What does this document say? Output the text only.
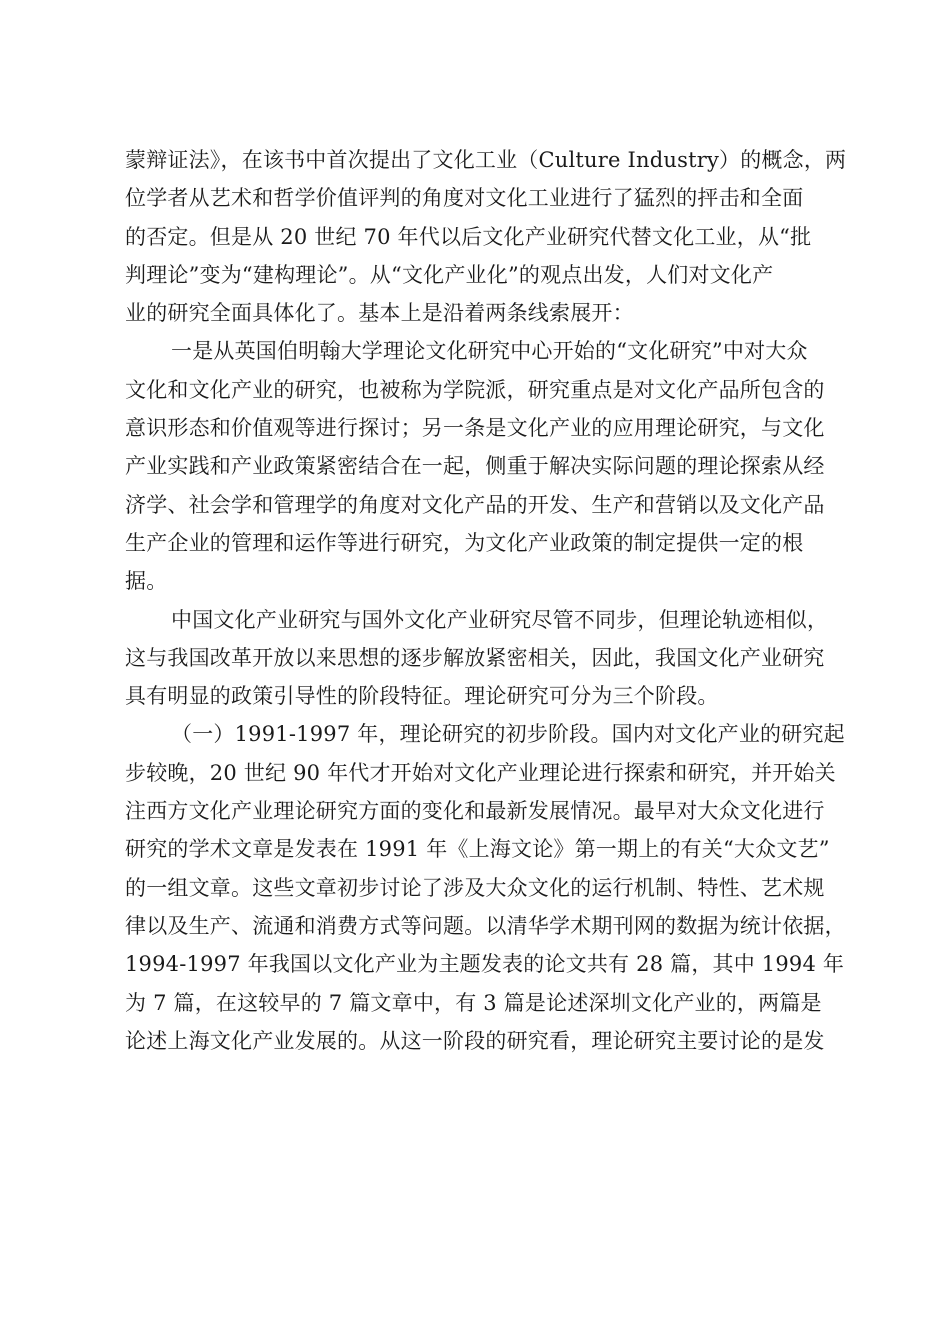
蒙辩证法》，在该书中首次提出了文化工业（Culture Industry）的概念，两
位学者从艺术和哲学价值评判的角度对文化工业进行了猛烈的抨击和全面
的否定。但是从 20 世纪 70 年代以后文化产业研究代替文化工业，从“批
判理论”变为“建构理论”。从“文化产业化”的观点出发，人们对文化产
业的研究全面具体化了。基本上是沿着两条线索展开：
一是从英国伯明翰大学理论文化研究中心开始的“文化研究”中对大众
文化和文化产业的研究，也被称为学院派，研究重点是对文化产品所包含的
意识形态和价值观等进行探讨；另一条是文化产业的应用理论研究，与文化
产业实践和产业政策紧密结合在一起，侧重于解决实际问题的理论探索从经
济学、社会学和管理学的角度对文化产品的开发、生产和营销以及文化产品
生产企业的管理和运作等进行研究，为文化产业政策的制定提供一定的根
据。
中国文化产业研究与国外文化产业研究尽管不同步，但理论轨迹相似，
这与我国改革开放以来思想的逐步解放紧密相关，因此，我国文化产业研究
具有明显的政策引导性的阶段特征。理论研究可分为三个阶段。
（一）1991-1997 年，理论研究的初步阶段。国内对文化产业的研究起
步较晚，20 世纪 90 年代才开始对文化产业理论进行探索和研究，并开始关
注西方文化产业理论研究方面的变化和最新发展情况。最早对大众文化进行
研究的学术文章是发表在 1991 年《上海文论》第一期上的有关“大众文艺”
的一组文章。这些文章初步讨论了涉及大众文化的运行机制、特性、艺术规
律以及生产、流通和消费方式等问题。以清华学术期刊网的数据为统计依据，
1994-1997 年我国以文化产业为主题发表的论文共有 28 篇，其中 1994 年
为 7 篇，在这较早的 7 篇文章中，有 3 篇是论述深圳文化产业的，两篇是
论述上海文化产业发展的。从这一阶段的研究看，理论研究主要讨论的是发
